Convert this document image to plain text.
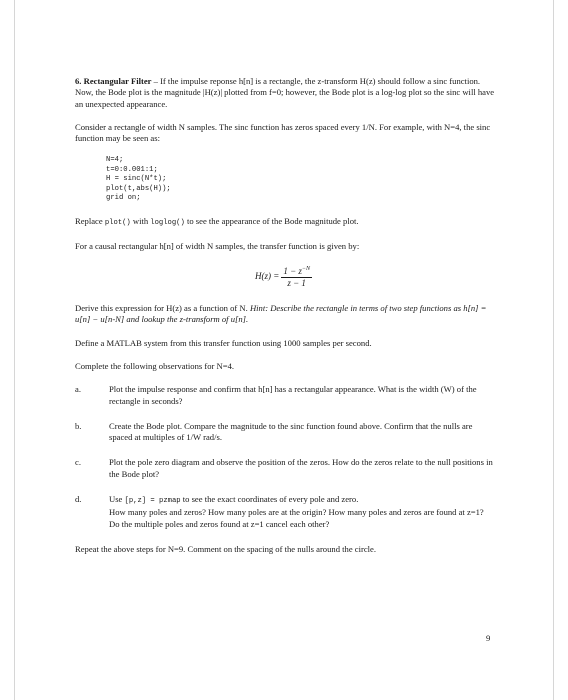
6. Rectangular Filter – If the impulse reponse h[n] is a rectangle, the z-transform H(z) should follow a sinc function. Now, the Bode plot is the magnitude |H(z)| plotted from f=0; however, the Bode plot is a log-log plot so the sinc will have an unexpected appearance.

Consider a rectangle of width N samples. The sinc function has zeros spaced every 1/N. For example, with N=4, the sinc function may be seen as:

N=4;
t=0:0.001:1;
H = sinc(N*t);
plot(t,abs(H));
grid on;

Replace plot() with loglog() to see the appearance of the Bode magnitude plot.

For a causal rectangular h[n] of width N samples, the transfer function is given by:

$H(z) = \frac{1 - z^{-N}}{z - 1}$

Derive this expression for H(z) as a function of N. Hint: Describe the rectangle in terms of two step functions as h[n] = u[n] − u[n-N] and lookup the z-transform of u[n].

Define a MATLAB system from this transfer function using 1000 samples per second.

Complete the following observations for N=4.

a.	Plot the impulse response and confirm that h[n] has a rectangular appearance. What is the width (W) of the rectangle in seconds?
b.	Create the Bode plot. Compare the magnitude to the sinc function found above. Confirm that the nulls are spaced at multiples of 1/W rad/s.
c.	Plot the pole zero diagram and observe the position of the zeros. How do the zeros relate to the null positions in the Bode plot?
d.	Use [p,z] = pzmap to see the exact coordinates of every pole and zero.
How many poles and zeros? How many poles are at the origin? How many poles and zeros are found at z=1? Do the multiple poles and zeros found at z=1 cancel each other?

Repeat the above steps for N=9. Comment on the spacing of the nulls around the circle.

9
